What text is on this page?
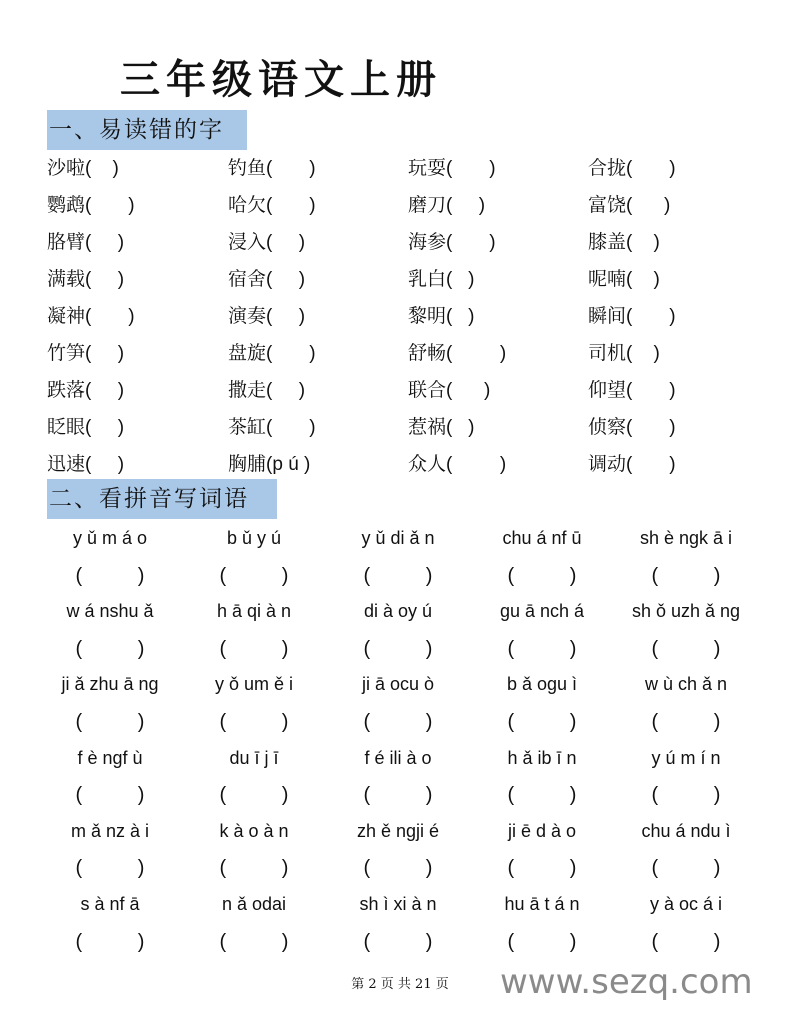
三年级语文上册
一、易读错的字
沙啦(    )	钓鱼(       )	玩耍(       )	合拢(       )
鹦鹉(       )	哈欠(       )	磨刀(     )	富饶(      )
胳臂(     )	浸入(     )	海参(       )	膝盖(    )
满载(     )	宿舍(     )	乳白(   )	呢喃(    )
凝神(       )	演奏(     )	黎明(   )	瞬间(       )
竹笋(     )	盘旋(       )	舒畅(         )	司机(    )
跌落(     )	撒走(     )	联合(      )	仰望(       )
眨眼(     )	茶缸(       )	惹祸(   )	侦察(       )
迅速(     )	胸脯(p ú )	众人(         )	调动(       )
二、看拼音写词语
y ǔ m á o	b ǔ y ú	y ǔ di ǎ n	chu á nf ū	sh è ngk ā i
(          )	(          )	(          )	(          )	(          )
w á nshu ǎ	h ā qi à n	di à oy ú	gu ā nch á	sh ǒ uzh ǎ ng
(          )	(          )	(          )	(          )	(          )
ji ǎ zhu ā ng	y ǒ um ě i	ji ā ocu ò	b ǎ ogu ì	w ù ch ǎ n
(          )	(          )	(          )	(          )	(          )
f è ngf ù	du ī j ī	f é ili à o	h ǎ ib ī n	y ú m í n
(          )	(          )	(          )	(          )	(          )
m ǎ nz à i	k à o à n	zh ě ngji é	ji ē d à o	chu á ndu ì
(          )	(          )	(          )	(          )	(          )
s à nf ā	n ǎ odai	sh ì xi à n	hu ā t á n	y à oc á i
(          )	(          )	(          )	(          )	(          )
第 2 页 共 21 页	www.sezq.com
